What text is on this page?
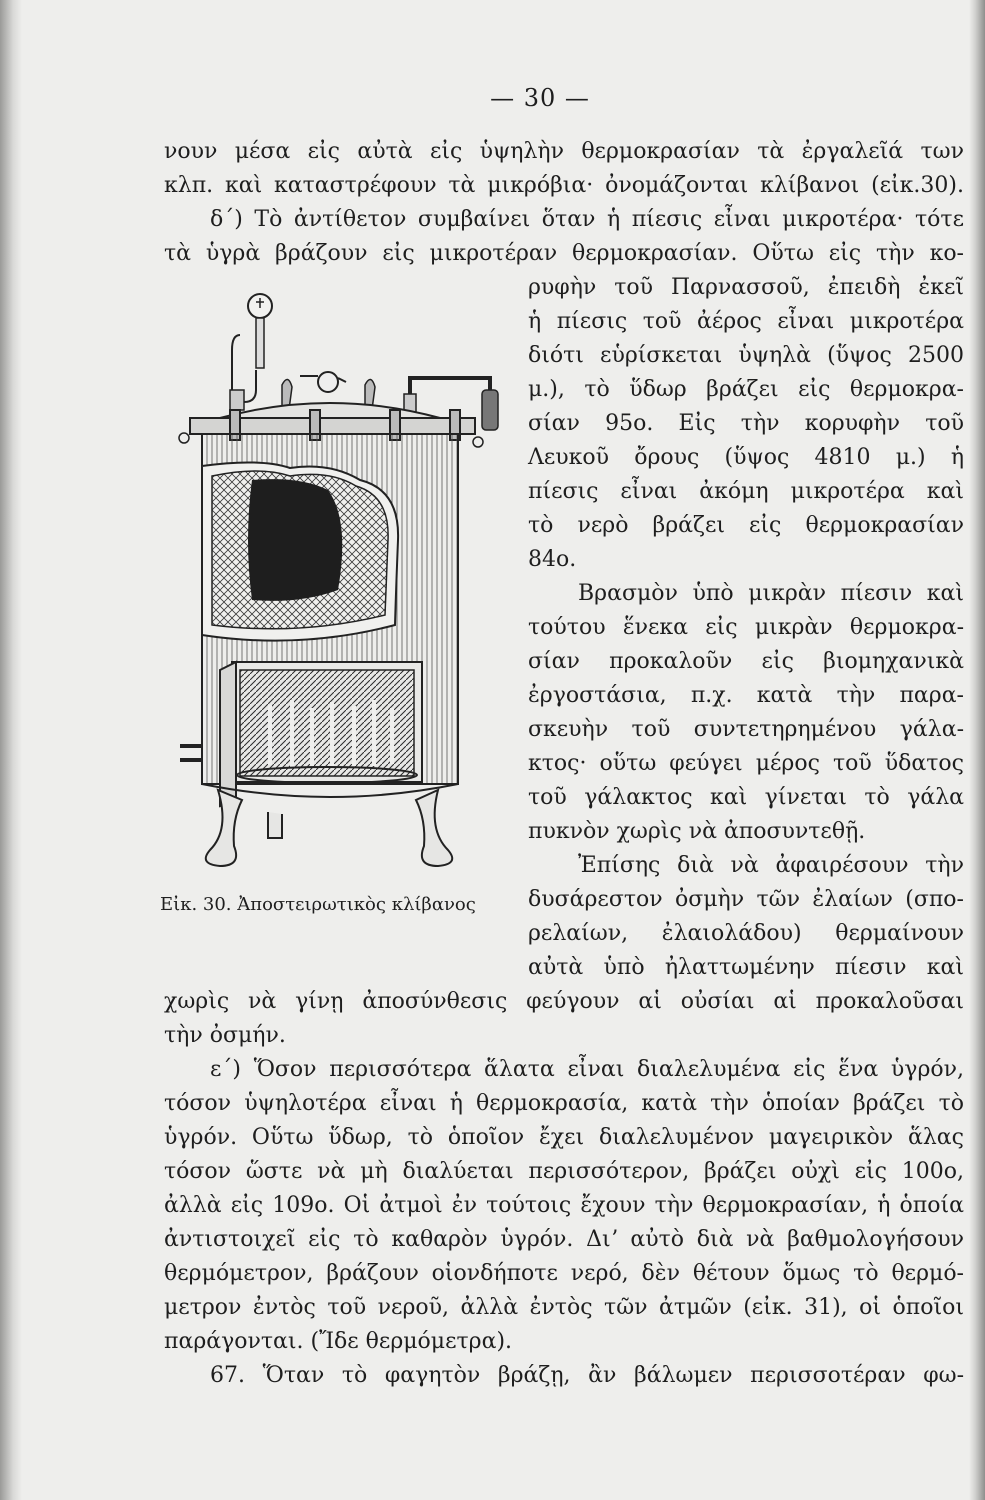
— 30 —
νουν μέσα εἰς αὐτὰ εἰς ὑψηλὴν θερμοκρασίαν τὰ ἐργαλεῖά των
κλπ. καὶ καταστρέφουν τὰ μικρόβια· ὀνομάζονται κλίβανοι (εἰκ.30).
δ΄) Τὸ ἀντίθετον συμβαίνει ὅταν ἡ πίεσις εἶναι μικροτέρα· τότε
τὰ ὑγρὰ βράζουν εἰς μικροτέραν θερμοκρασίαν. Οὕτω εἰς τὴν κο-
ρυφὴν τοῦ Παρνασσοῦ, ἐπειδὴ ἐκεῖ
ἡ πίεσις τοῦ ἀέρος εἶναι μικροτέρα
διότι εὑρίσκεται ὑψηλὰ (ὕψος 2500
μ.), τὸ ὕδωρ βράζει εἰς θερμοκρα-
σίαν 95ο. Εἰς τὴν κορυφὴν τοῦ
Λευκοῦ ὄρους (ὕψος 4810 μ.) ἡ
πίεσις εἶναι ἀκόμη μικροτέρα καὶ
τὸ νερὸ βράζει εἰς θερμοκρασίαν
84ο.
Βρασμὸν ὑπὸ μικρὰν πίεσιν καὶ
τούτου ἕνεκα εἰς μικρὰν θερμοκρα-
σίαν προκαλοῦν εἰς βιομηχανικὰ
ἐργοστάσια, π.χ. κατὰ τὴν παρα-
σκευὴν τοῦ συντετηρημένου γάλα-
κτος· οὕτω φεύγει μέρος τοῦ ὕδατος
τοῦ γάλακτος καὶ γίνεται τὸ γάλα
πυκνὸν χωρὶς νὰ ἀποσυντεθῇ.
Ἐπίσης διὰ νὰ ἀφαιρέσουν τὴν
δυσάρεστον ὀσμὴν τῶν ἐλαίων (σπο-
ρελαίων, ἐλαιολάδου) θερμαίνουν
αὐτὰ ὑπὸ ἠλαττωμένην πίεσιν καὶ
χωρὶς νὰ γίνῃ ἀποσύνθεσις φεύγουν αἱ οὐσίαι αἱ προκαλοῦσαι
τὴν ὀσμήν.
ε΄) Ὅσον περισσότερα ἅλατα εἶναι διαλελυμένα εἰς ἕνα ὑγρόν,
τόσον ὑψηλοτέρα εἶναι ἡ θερμοκρασία, κατὰ τὴν ὁποίαν βράζει τὸ
ὑγρόν. Οὕτω ὕδωρ, τὸ ὁποῖον ἔχει διαλελυμένον μαγειρικὸν ἅλας
τόσον ὥστε νὰ μὴ διαλύεται περισσότερον, βράζει οὐχὶ εἰς 100ο,
ἀλλὰ εἰς 109ο. Οἱ ἀτμοὶ ἐν τούτοις ἔχουν τὴν θερμοκρασίαν, ἡ ὁποία
ἀντιστοιχεῖ εἰς τὸ καθαρὸν ὑγρόν. Διʼ αὐτὸ διὰ νὰ βαθμολογήσουν
θερμόμετρον, βράζουν οἱονδήποτε νερό, δὲν θέτουν ὅμως τὸ θερμό-
μετρον ἐντὸς τοῦ νεροῦ, ἀλλὰ ἐντὸς τῶν ἀτμῶν (εἰκ. 31), οἱ ὁποῖοι
παράγονται. (Ἴδε θερμόμετρα).
67. Ὅταν τὸ φαγητὸν βράζῃ, ἂν βάλωμεν περισσοτέραν φω-
Εἰκ. 30. Ἀποστειρωτικὸς κλίβανος
